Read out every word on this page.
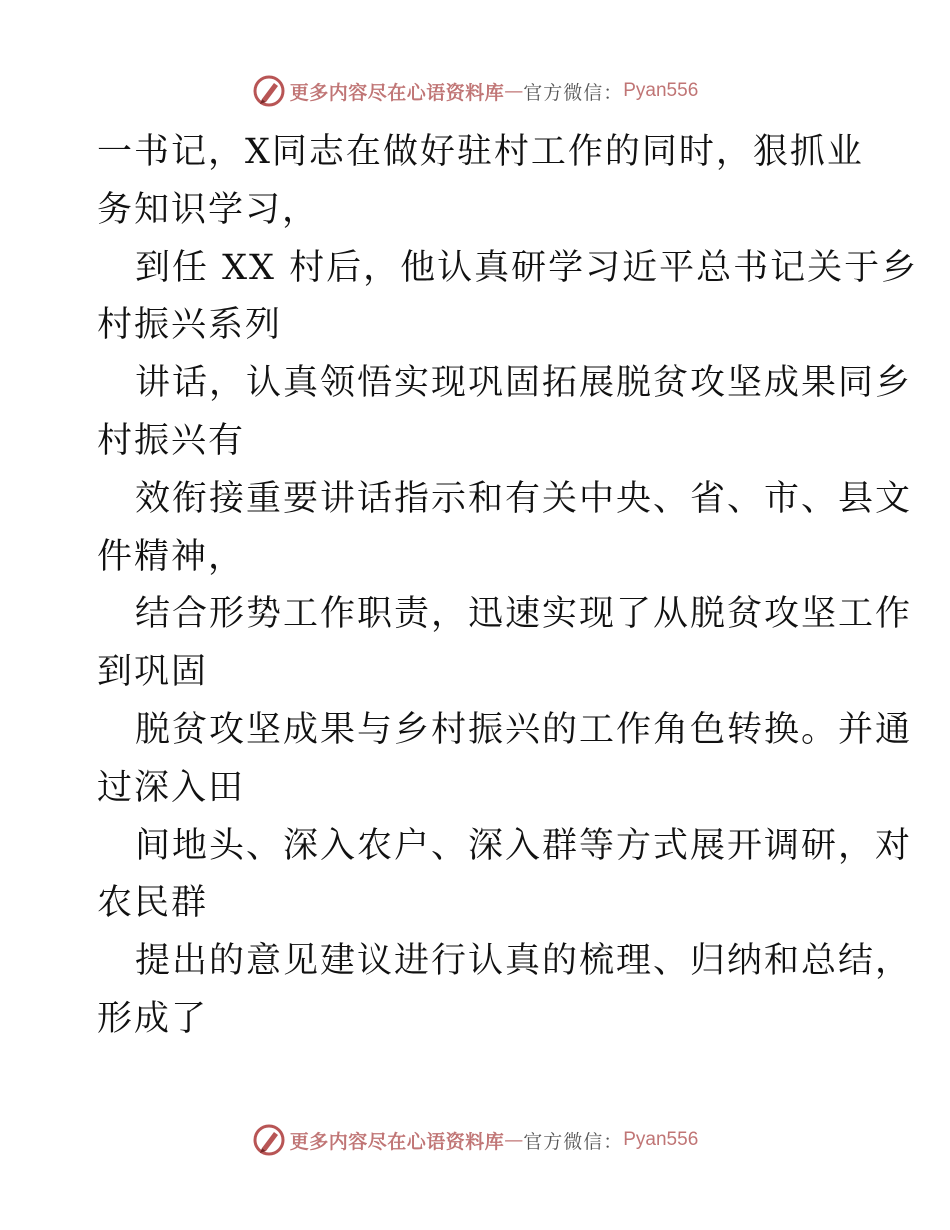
更多内容尽在心语资料库 — 官方微信： Pyan556
一书记，X同志在做好驻村工作的同时，狠抓业
务知识学习，
到任 XX 村后，他认真研学习近平总书记关于乡
村振兴系列
讲话，认真领悟实现巩固拓展脱贫攻坚成果同乡
村振兴有
效衔接重要讲话指示和有关中央、省、市、县文
件精神，
结合形势工作职责，迅速实现了从脱贫攻坚工作
到巩固
脱贫攻坚成果与乡村振兴的工作角色转换。并通
过深入田
间地头、深入农户、深入群等方式展开调研，对
农民群
提出的意见建议进行认真的梳理、归纳和总结，
形成了
更多内容尽在心语资料库 — 官方微信： Pyan556
